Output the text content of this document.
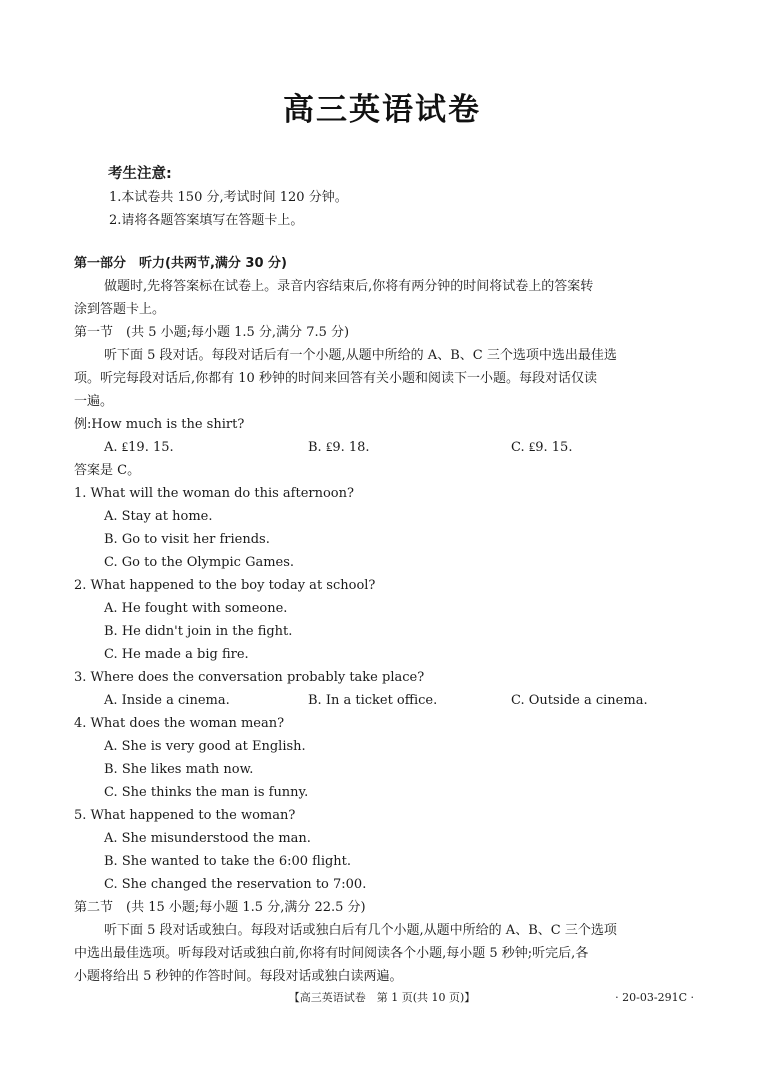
高三英语试卷
考生注意:
1.本试卷共 150 分,考试时间 120 分钟。
2.请将各题答案填写在答题卡上。
第一部分　听力(共两节,满分 30 分)
做题时,先将答案标在试卷上。录音内容结束后,你将有两分钟的时间将试卷上的答案转
涂到答题卡上。
第一节　(共 5 小题;每小题 1.5 分,满分 7.5 分)
听下面 5 段对话。每段对话后有一个小题,从题中所给的 A、B、C 三个选项中选出最佳选
项。听完每段对话后,你都有 10 秒钟的时间来回答有关小题和阅读下一小题。每段对话仅读
一遍。
例:How much is the shirt?
A. ₤19. 15.	B. ₤9. 18.	C. ₤9. 15.
答案是 C。
1. What will the woman do this afternoon?
A. Stay at home.
B. Go to visit her friends.
C. Go to the Olympic Games.
2. What happened to the boy today at school?
A. He fought with someone.
B. He didn't join in the fight.
C. He made a big fire.
3. Where does the conversation probably take place?
A. Inside a cinema.	B. In a ticket office.	C. Outside a cinema.
4. What does the woman mean?
A. She is very good at English.
B. She likes math now.
C. She thinks the man is funny.
5. What happened to the woman?
A. She misunderstood the man.
B. She wanted to take the 6:00 flight.
C. She changed the reservation to 7:00.
第二节　(共 15 小题;每小题 1.5 分,满分 22.5 分)
听下面 5 段对话或独白。每段对话或独白后有几个小题,从题中所给的 A、B、C 三个选项
中选出最佳选项。听每段对话或独白前,你将有时间阅读各个小题,每小题 5 秒钟;听完后,各
小题将给出 5 秒钟的作答时间。每段对话或独白读两遍。
【高三英语试卷　第 1 页(共 10 页)】	· 20-03-291C ·
